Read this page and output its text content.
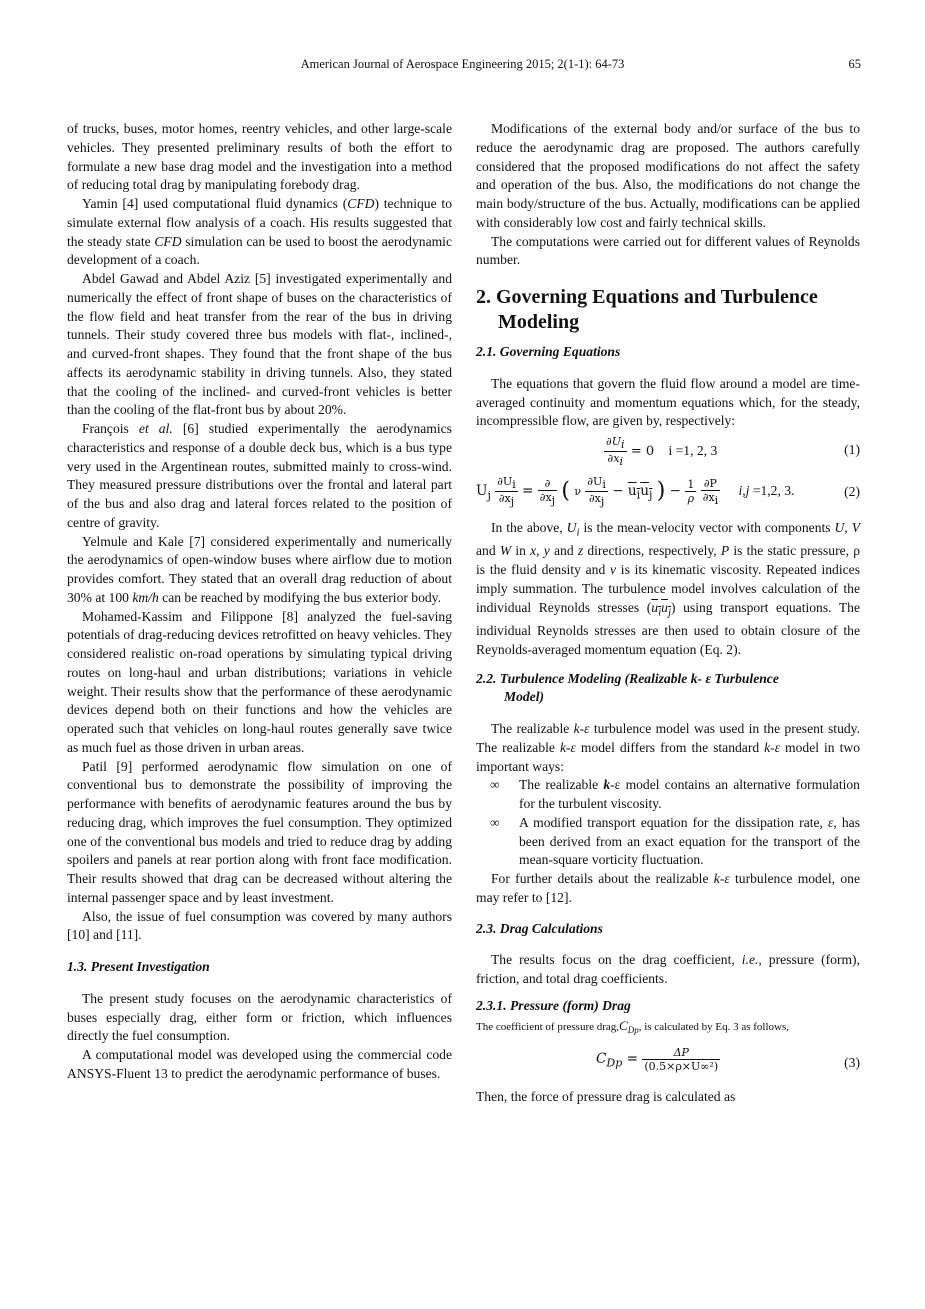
American Journal of Aerospace Engineering 2015; 2(1-1): 64-73	65

of trucks, buses, motor homes, reentry vehicles, and other large-scale vehicles. They presented preliminary results of both the effort to formulate a new base drag model and the investigation into a method of reducing total drag by manipulating forebody drag.

Yamin [4] used computational fluid dynamics (CFD) technique to simulate external flow analysis of a coach. His results suggested that the steady state CFD simulation can be used to boost the aerodynamic development of a coach.

Abdel Gawad and Abdel Aziz [5] investigated experimentally and numerically the effect of front shape of buses on the characteristics of the flow field and heat transfer from the rear of the bus in driving tunnels. Their study covered three bus models with flat-, inclined-, and curved-front shapes. They found that the front shape of the bus affects its aerodynamic stability in driving tunnels. Also, they stated that the cooling of the inclined- and curved-front vehicles is better than the cooling of the flat-front bus by about 20%.

François et al. [6] studied experimentally the aerodynamics characteristics and response of a double deck bus, which is a bus type very used in the Argentinean routes, submitted mainly to cross-wind. They measured pressure distributions over the frontal and lateral part of the bus and also drag and lateral forces related to the position of centre of gravity.

Yelmule and Kale [7] considered experimentally and numerically the aerodynamics of open-window buses where airflow due to motion provides comfort. They stated that an overall drag reduction of about 30% at 100 km/h can be reached by modifying the bus exterior body.

Mohamed-Kassim and Filippone [8] analyzed the fuel-saving potentials of drag-reducing devices retrofitted on heavy vehicles. They considered realistic on-road operations by simulating typical driving routes on long-haul and urban distributions; variations in vehicle weight. Their results show that the performance of these aerodynamic devices depend both on their functions and how the vehicles are operated such that vehicles on long-haul routes generally save twice as much fuel as those driven in urban areas.

Patil [9] performed aerodynamic flow simulation on one of conventional bus to demonstrate the possibility of improving the performance with benefits of aerodynamic features around the bus by reducing drag, which improves the fuel consumption. They optimized one of the conventional bus models and tried to reduce drag by adding spoilers and panels at rear portion along with front face modification. Their results showed that drag can be decreased without altering the internal passenger space and by least investment.

Also, the issue of fuel consumption was covered by many authors [10] and [11].

1.3. Present Investigation

The present study focuses on the aerodynamic characteristics of buses especially drag, either form or friction, which influences directly the fuel consumption.

A computational model was developed using the commercial code ANSYS-Fluent 13 to predict the aerodynamic performance of buses.

Modifications of the external body and/or surface of the bus to reduce the aerodynamic drag are proposed. The authors carefully considered that the proposed modifications do not affect the safety and operation of the bus. Also, the modifications do not change the main body/structure of the bus. Actually, modifications can be applied with considerably low cost and fairly technical skills.

The computations were carried out for different values of Reynolds number.

2. Governing Equations and Turbulence
Modeling

2.1. Governing Equations

The equations that govern the fluid flow around a model are time-averaged continuity and momentum equations which, for the steady, incompressible flow, are given by, respectively:

$\frac{\partial U_i}{\partial x_i} = 0$ i =1, 2, 3	(1)
$U_j \frac{\partial U_i}{\partial x_j} = \frac{\partial}{\partial x_j}$ ( ν $\frac{\partial U_i}{\partial x_j} - u_iu_j$ ) − $\frac{1}{\rho}$
$\frac{\partial P}{\partial x_i} i,j =1,2$, 3.	(2)

In the above, $U_i$ is the mean-velocity vector with components U, V and W in x, y and z directions, respectively, P is the static pressure, ρ is the fluid density and ν is its kinematic viscosity. Repeated indices imply summation. The turbulence model involves calculation of the individual Reynolds stresses $(u_iu_j)$ using transport equations. The individual Reynolds stresses are then used to obtain closure of the Reynolds-averaged momentum equation (Eq. 2).

2.2. Turbulence Modeling (Realizable k- ε Turbulence
Model)

The realizable k-ε turbulence model was used in the present study. The realizable k-ε model differs from the standard k-ε model in two important ways:

∞ The realizable k-ε model contains an alternative formulation for the turbulent viscosity.
∞ A modified transport equation for the dissipation rate, ε, has been derived from an exact equation for the transport of the mean-square vorticity fluctuation.

For further details about the realizable k-ε turbulence model, one may refer to [12].

2.3. Drag Calculations

The results focus on the drag coefficient, i.e., pressure (form), friction, and total drag coefficients.

2.3.1. Pressure (form) Drag

The coefficient of pressure $drag,C_{Dp}$, is calculated by Eq. 3 as follows,

$C_{Dp} = \frac{\Delta P}{\text{(0.5×ρ×U∞²)}}$	(3)

Then, the force of pressure drag is calculated as
